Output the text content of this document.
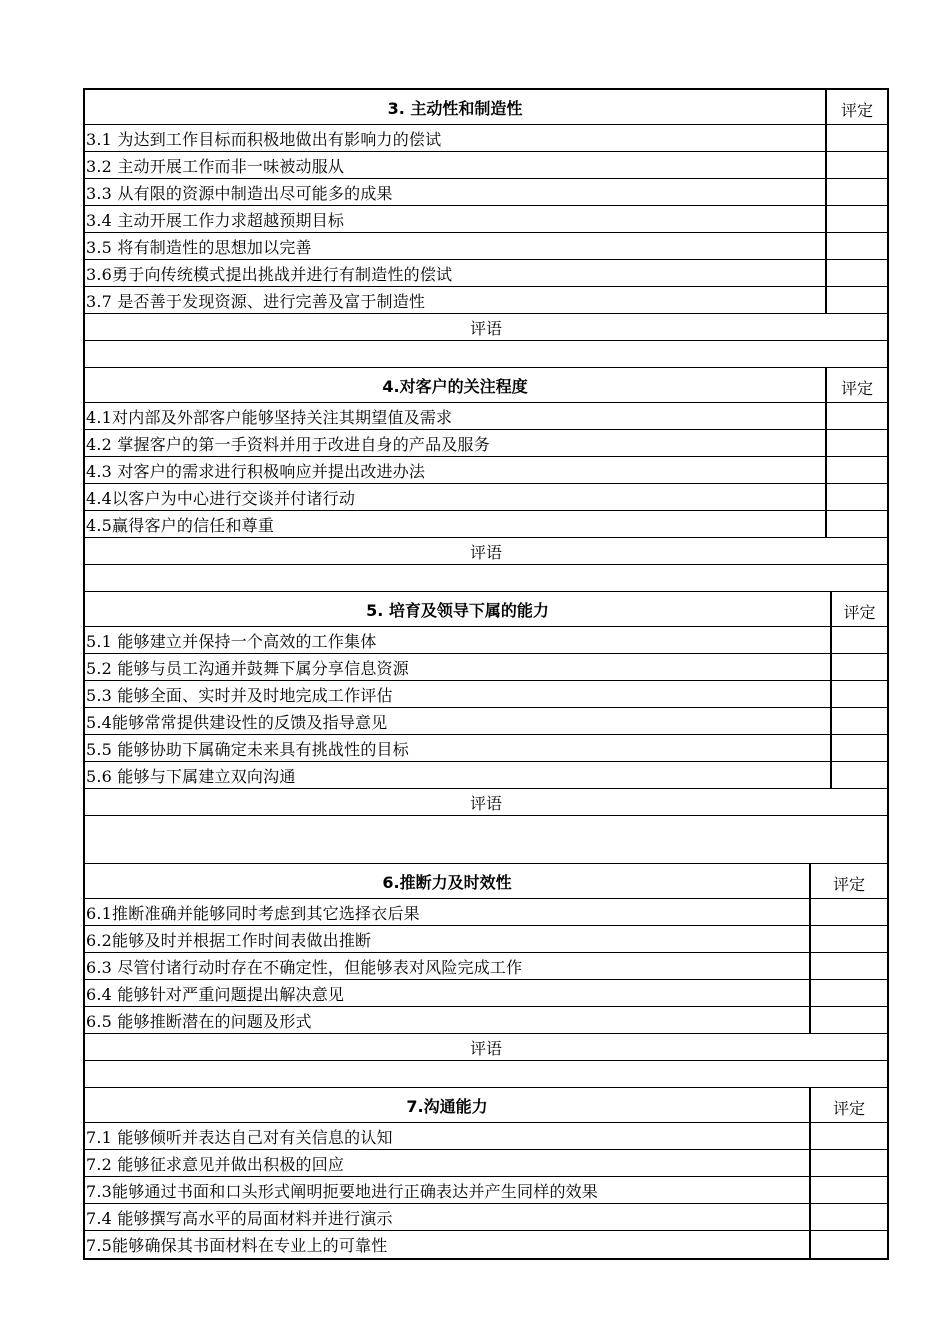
3. 主动性和制造性	评定
3.1 为达到工作目标而积极地做出有影响力的偿试
3.2 主动开展工作而非一味被动服从
3.3 从有限的资源中制造出尽可能多的成果
3.4 主动开展工作力求超越预期目标
3.5 将有制造性的思想加以完善
3.6勇于向传统模式提出挑战并进行有制造性的偿试
3.7 是否善于发现资源、进行完善及富于制造性
评语
4.对客户的关注程度	评定
4.1对内部及外部客户能够坚持关注其期望值及需求
4.2 掌握客户的第一手资料并用于改进自身的产品及服务
4.3 对客户的需求进行积极响应并提出改进办法
4.4以客户为中心进行交谈并付诸行动
4.5赢得客户的信任和尊重
评语
5. 培育及领导下属的能力	评定
5.1 能够建立并保持一个高效的工作集体
5.2 能够与员工沟通并鼓舞下属分享信息资源
5.3 能够全面、实时并及时地完成工作评估
5.4能够常常提供建设性的反馈及指导意见
5.5 能够协助下属确定未来具有挑战性的目标
5.6 能够与下属建立双向沟通
评语
6.推断力及时效性	评定
6.1推断准确并能够同时考虑到其它选择衣后果
6.2能够及时并根据工作时间表做出推断
6.3 尽管付诸行动时存在不确定性，但能够表对风险完成工作
6.4 能够针对严重问题提出解决意见
6.5 能够推断潜在的问题及形式
评语
7.沟通能力	评定
7.1 能够倾听并表达自己对有关信息的认知
7.2 能够征求意见并做出积极的回应
7.3能够通过书面和口头形式阐明扼要地进行正确表达并产生同样的效果
7.4 能够撰写高水平的局面材料并进行演示
7.5能够确保其书面材料在专业上的可靠性
